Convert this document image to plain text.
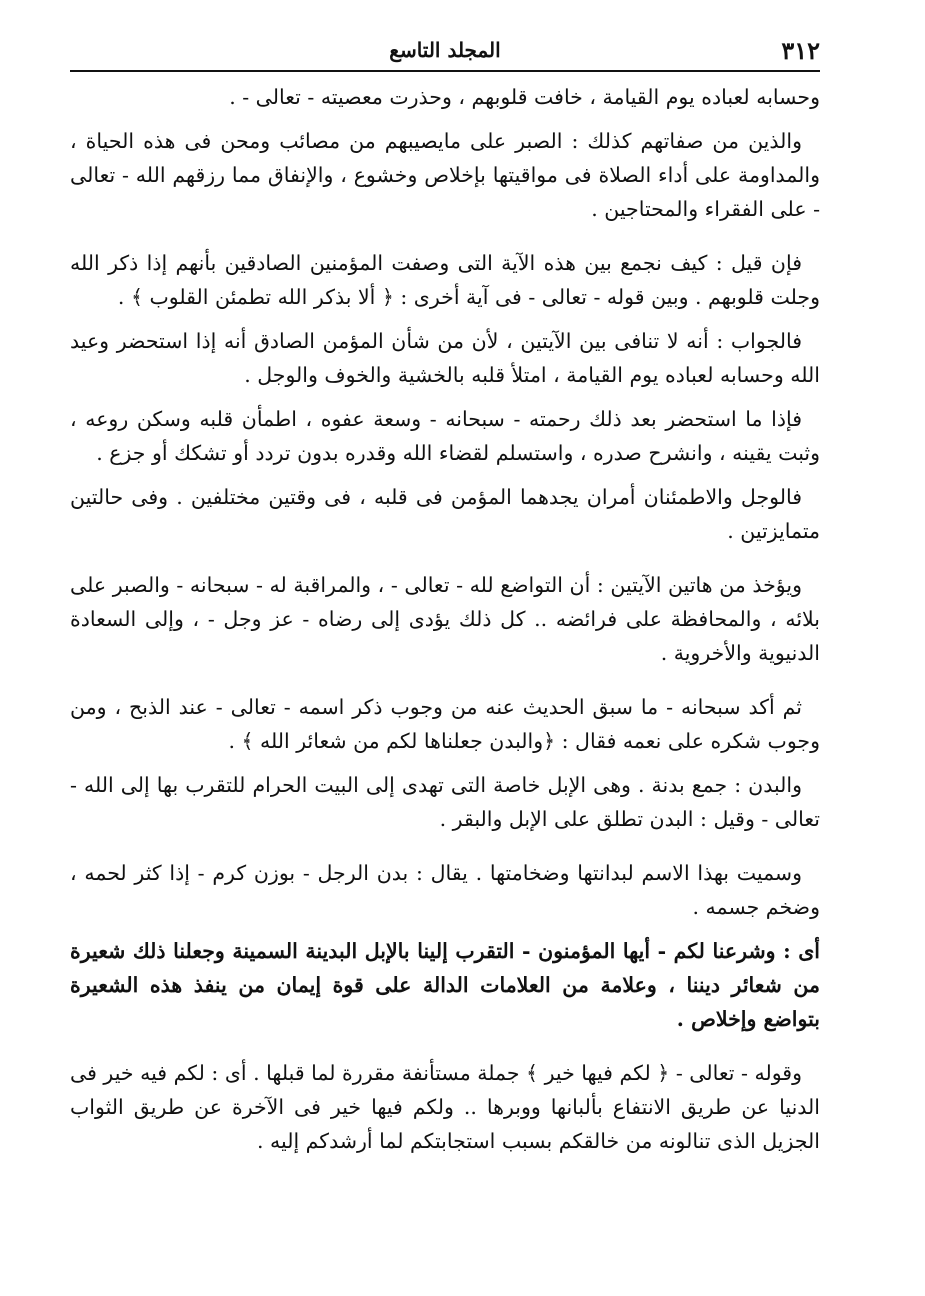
٣١٢
المجلد التاسع

وحسابه لعباده يوم القيامة ، خافت قلوبهم ، وحذرت معصيته - تعالى - .

والذين من صفاتهم كذلك : الصبر على مايصيبهم من مصائب ومحن فى هذه الحياة ، والمداومة على أداء الصلاة فى مواقيتها بإخلاص وخشوع ، والإنفاق مما رزقهم الله - تعالى - على الفقراء والمحتاجين .

فإن قيل : كيف نجمع بين هذه الآية التى وصفت المؤمنين الصادقين بأنهم إذا ذكر الله وجلت قلوبهم . وبين قوله - تعالى - فى آية أخرى : ﴿ ألا بذكر الله تطمئن القلوب ﴾ .

فالجواب : أنه لا تنافى بين الآيتين ، لأن من شأن المؤمن الصادق أنه إذا استحضر وعيد الله وحسابه لعباده يوم القيامة ، امتلأ قلبه بالخشية والخوف والوجل .

فإذا ما استحضر بعد ذلك رحمته - سبحانه - وسعة عفوه ، اطمأن قلبه وسكن روعه ، وثبت يقينه ، وانشرح صدره ، واستسلم لقضاء الله وقدره بدون تردد أو تشكك أو جزع .

فالوجل والاطمئنان أمران يجدهما المؤمن فى قلبه ، فى وقتين مختلفين . وفى حالتين متمايزتين .

ويؤخذ من هاتين الآيتين : أن التواضع لله - تعالى - ، والمراقبة له - سبحانه - والصبر على بلائه ، والمحافظة على فرائضه .. كل ذلك يؤدى إلى رضاه - عز وجل - ، وإلى السعادة الدنيوية والأخروية .

ثم أكد سبحانه - ما سبق الحديث عنه من وجوب ذكر اسمه - تعالى - عند الذبح ، ومن وجوب شكره على نعمه فقال : ﴿والبدن جعلناها لكم من شعائر الله ﴾ .

والبدن : جمع بدنة . وهى الإبل خاصة التى تهدى إلى البيت الحرام للتقرب بها إلى الله - تعالى - وقيل : البدن تطلق على الإبل والبقر .

وسميت بهذا الاسم لبدانتها وضخامتها . يقال : بدن الرجل - بوزن كرم - إذا كثر لحمه ، وضخم جسمه .

أى : وشرعنا لكم - أيها المؤمنون - التقرب إلينا بالإبل البدينة السمينة وجعلنا ذلك شعيرة من شعائر ديننا ، وعلامة من العلامات الدالة على قوة إيمان من ينفذ هذه الشعيرة بتواضع وإخلاص .

وقوله - تعالى - ﴿ لكم فيها خير ﴾ جملة مستأنفة مقررة لما قبلها . أى : لكم فيه خير فى الدنيا عن طريق الانتفاع بألبانها ووبرها .. ولكم فيها خير فى الآخرة عن طريق الثواب الجزيل الذى تنالونه من خالقكم بسبب استجابتكم لما أرشدكم إليه .
